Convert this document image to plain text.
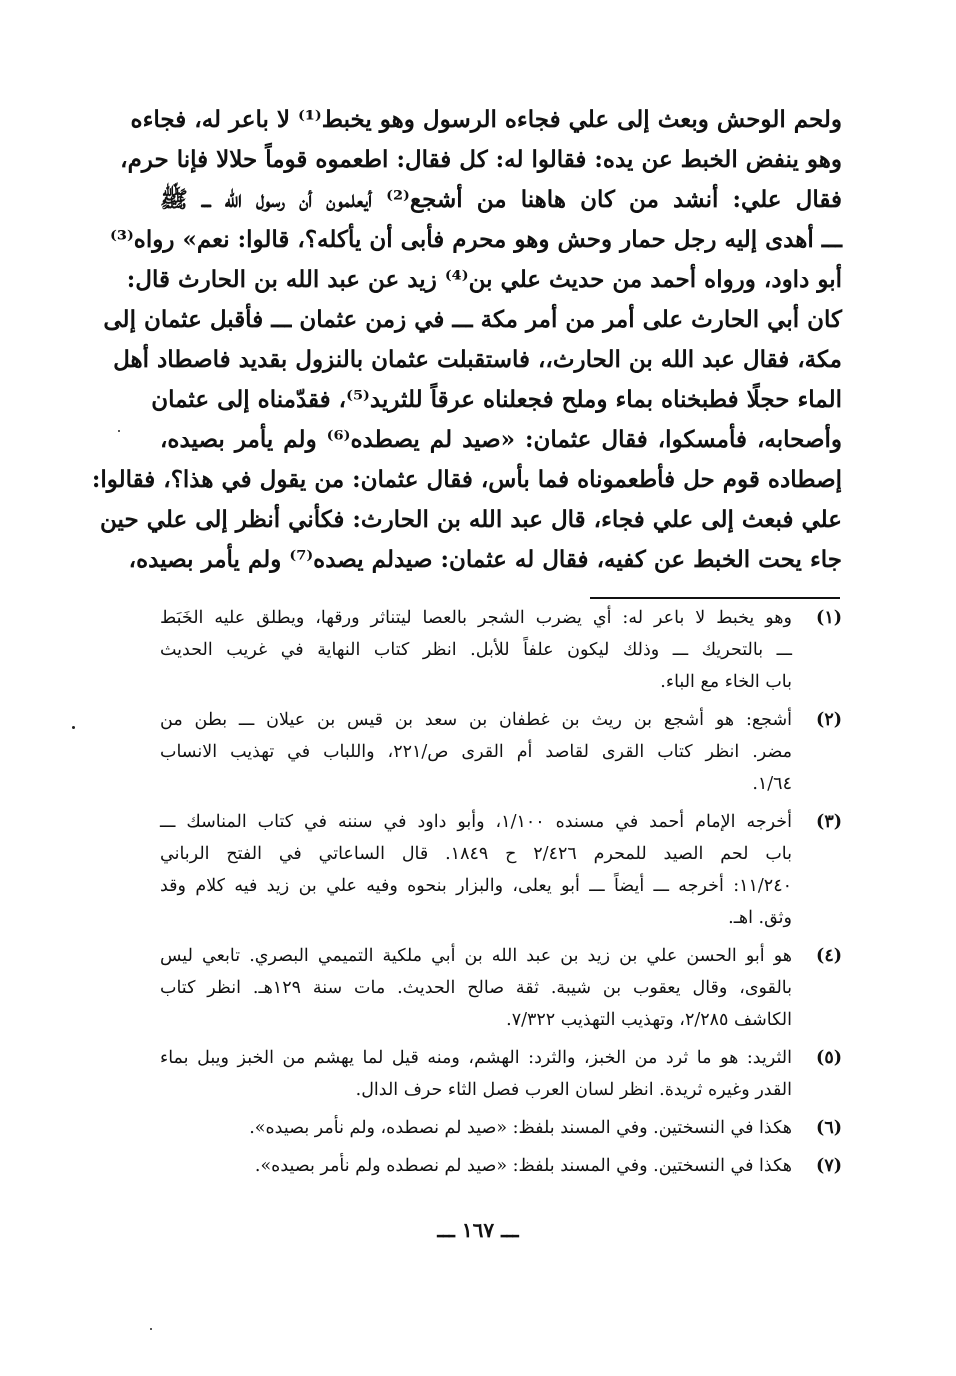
ولحم الوحش وبعث إلى علي فجاءه الرسول وهو يخبط⁽¹⁾ لا باعر له، فجاءه
وهو ينفض الخبط عن يده: فقالوا له: كل فقال: اطعموه قوماً حلالا فإنا حرم،
فقال علي: أنشد من كان هاهنا من أشجع⁽²⁾ أيعلمون أن رسول الله ـــ ﷺ
ـــ أهدى إليه رجل حمار وحش وهو محرم فأبى أن يأكله؟، قالوا: نعم» رواه⁽³⁾
أبو داود، ورواه أحمد من حديث علي بن⁽⁴⁾ زيد عن عبد الله بن الحارث قال:
كان أبي الحارث على أمر من أمر مكة ـــ في زمن عثمان ـــ فأقبل عثمان إلى
مكة، فقال عبد الله بن الحارث،، فاستقبلت عثمان بالنزول بقديد فاصطاد أهل
الماء حجلًا فطبخناه بماء وملح فجعلناه عرقاً للثريد⁽⁵⁾، فقدّمناه إلى عثمان
وأصحابه، فأمسكوا، فقال عثمان: «صيد لم يصطده⁽⁶⁾ ولم يأمر بصيده،
إصطاده قوم حل فأطعموناه فما بأس، فقال عثمان: من يقول في هذا؟، فقالوا:
علي فبعث إلى علي فجاء، قال عبد الله بن الحارث: فكأني أنظر إلى علي حين
جاء يحت الخبط عن كفيه، فقال له عثمان: صيدلم يصده⁽⁷⁾ ولم يأمر بصيده،
(١)
وهو يخبط لا باعر له: أي يضرب الشجر بالعصا ليتناثر ورقها، ويطلق عليه الخَبَط
ـــ بالتحريك ـــ وذلك ليكون علفاً للأبل. انظر كتاب النهاية في غريب الحديث
باب الخاء مع الباء.
(٢)
أشجع: هو أشجع بن ريث بن غطفان بن سعد بن قيس بن عيلان ـــ بطن من
مضر. انظر كتاب القرى لقاصد أم القرى ص/٢٢١، واللباب في تهذيب الانساب
١/٦٤.
(٣)
أخرجه الإمام أحمد في مسنده ١/١٠٠، وأبو داود في سننه في كتاب المناسك ـــ
باب لحم الصيد للمحرم ٢/٤٢٦ ح ١٨٤٩. قال الساعاتي في الفتح الرباني
١١/٢٤٠: أخرجه ـــ أيضاً ـــ أبو يعلى، والبزار بنحوه وفيه علي بن زيد فيه كلام وقد
وثق. اهـ.
(٤)
هو أبو الحسن علي بن زيد بن عبد الله بن أبي ملكية التميمي البصري. تابعي ليس
بالقوى، وقال يعقوب بن شيبة. ثقة صالح الحديث. مات سنة ١٢٩هـ. انظر كتاب
الكاشف ٢/٢٨٥، وتهذيب التهذيب ٧/٣٢٢.
(٥)
الثريد: هو ما ثرد من الخبز، والثرد: الهشم، ومنه قيل لما يهشم من الخبز ويبل بماء
القدر وغيره ثريدة. انظر لسان العرب فصل الثاء حرف الدال.
(٦)
هكذا في النسختين. وفي المسند بلفظ: «صيد لم نصطده، ولم نأمر بصيده».
(٧)
هكذا في النسختين. وفي المسند بلفظ: «صيد لم نصطده ولم نأمر بصيده».
ـــ ١٦٧ ـــ
